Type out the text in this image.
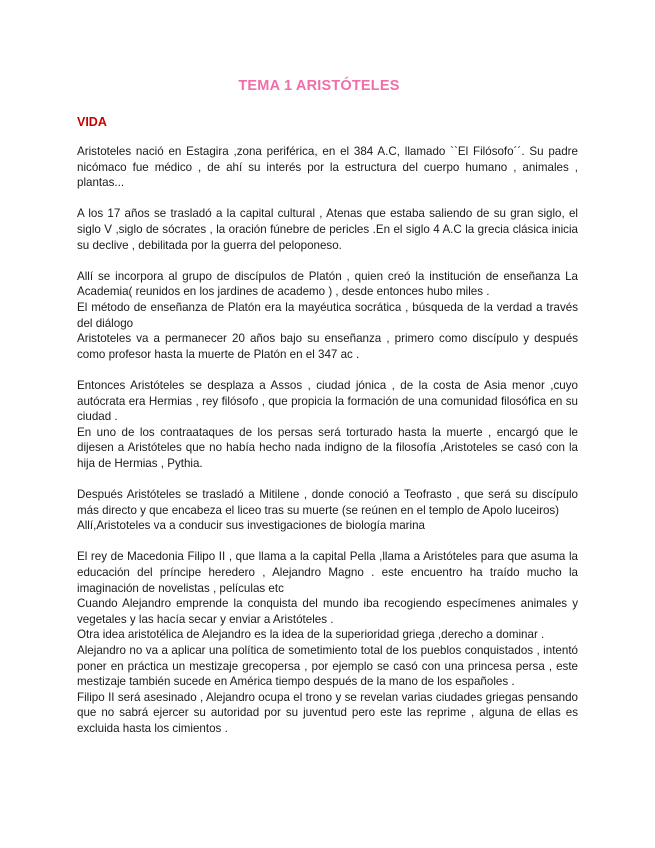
TEMA 1 ARISTÓTELES
VIDA

Aristoteles nació en Estagira ,zona periférica, en el 384 A.C, llamado ``El Filósofo´´. Su padre nicómaco fue médico , de ahí su interés por la estructura del cuerpo humano , animales , plantas...

A los 17 años se trasladó a la capital cultural , Atenas que estaba saliendo de su gran siglo, el siglo V ,siglo de sócrates , la oración fúnebre de pericles .En el siglo 4 A.C la grecia clásica inicia su declive , debilitada por la guerra del peloponeso.

Allí se incorpora al grupo de discípulos de Platón , quien creó la institución de enseñanza La Academia( reunidos en los jardines de academo ) , desde entonces hubo miles .

El método de enseñanza de Platón era la mayéutica socrática , búsqueda de la verdad a través del diálogo

Aristoteles va a permanecer 20 años bajo su enseñanza , primero como discípulo y después como profesor hasta la muerte de Platón en el 347 ac .

Entonces Aristóteles se desplaza a Assos , ciudad jónica , de la costa de Asia menor ,cuyo autócrata era Hermias , rey filósofo , que propicia la formación de una comunidad filosófica en su ciudad .

En uno de los contraataques de los persas será torturado hasta la muerte , encargó que le dijesen a Aristóteles que no había hecho nada indigno de la filosofía ,Aristoteles se casó con la hija de Hermias , Pythia.

Después Aristóteles se trasladó a Mitilene , donde conoció a Teofrasto , que será su discípulo más directo y que encabeza el liceo tras su muerte (se reúnen en el templo de Apolo luceiros)

Allí,Aristoteles va a conducir sus investigaciones de biología marina

El rey de Macedonia Filipo II , que llama a la capital Pella ,llama a Aristóteles para que asuma la educación del príncipe heredero , Alejandro Magno . este encuentro ha traído mucho la imaginación de novelistas , películas etc

Cuando Alejandro emprende la conquista del mundo iba recogiendo especímenes animales y vegetales y las hacía secar y enviar a Aristóteles .

Otra idea aristotélica de Alejandro es la idea de la superioridad griega ,derecho a dominar .

Alejandro no va a aplicar una política de sometimiento total de los pueblos conquistados , intentó poner en práctica un mestizaje grecopersa , por ejemplo se casó con una princesa persa , este mestizaje también sucede en América tiempo después de la mano de los españoles .

Filipo II será asesinado , Alejandro ocupa el trono y se revelan varias ciudades griegas pensando que no sabrá ejercer su autoridad por su juventud pero este las reprime , alguna de ellas es excluida hasta los cimientos .
